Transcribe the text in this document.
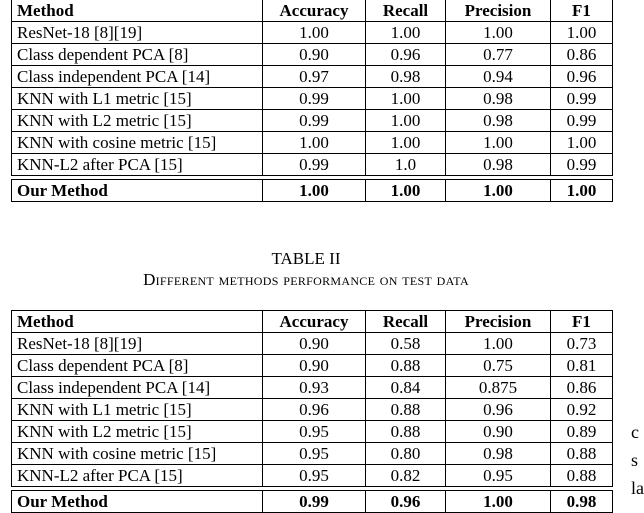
Method	Accuracy	Recall	Precision	F1
ResNet-18 [8][19]	1.00	1.00	1.00	1.00
Class dependent PCA [8]	0.90	0.96	0.77	0.86
Class independent PCA [14]	0.97	0.98	0.94	0.96
KNN with L1 metric [15]	0.99	1.00	0.98	0.99
KNN with L2 metric [15]	0.99	1.00	0.98	0.99
KNN with cosine metric [15]	1.00	1.00	1.00	1.00
KNN-L2 after PCA [15]	0.99	1.0	0.98	0.99

Our Method	1.00	1.00	1.00	1.00
TABLE II
Different methods performance on test data
Method	Accuracy	Recall	Precision	F1
ResNet-18 [8][19]	0.90	0.58	1.00	0.73
Class dependent PCA [8]	0.90	0.88	0.75	0.81
Class independent PCA [14]	0.93	0.84	0.875	0.86
KNN with L1 metric [15]	0.96	0.88	0.96	0.92
KNN with L2 metric [15]	0.95	0.88	0.90	0.89
KNN with cosine metric [15]	0.95	0.80	0.98	0.88
KNN-L2 after PCA [15]	0.95	0.82	0.95	0.88

Our Method	0.99	0.96	1.00	0.98
c
s
la
